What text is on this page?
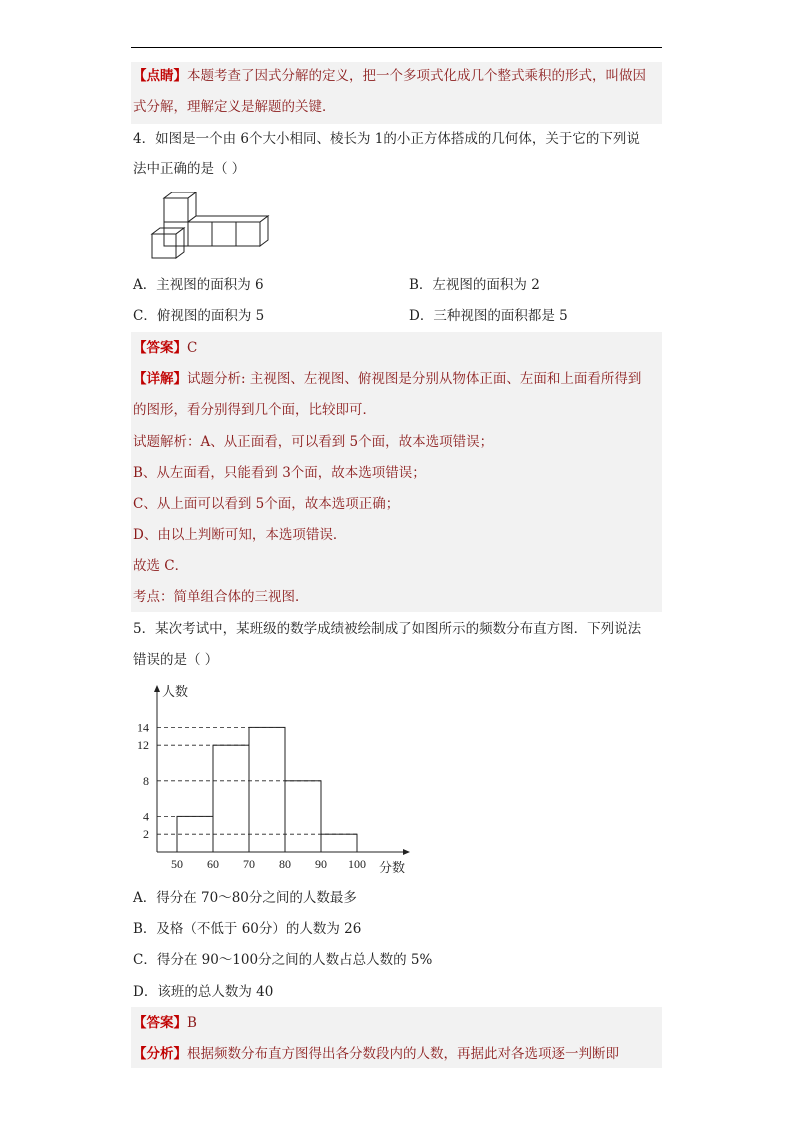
【点睛】本题考查了因式分解的定义，把一个多项式化成几个整式乘积的形式，叫做因
式分解，理解定义是解题的关键．
4．如图是一个由 6个大小相同、棱长为 1的小正方体搭成的几何体，关于它的下列说
法中正确的是（ ）
A．主视图的面积为 6	B．左视图的面积为 2
C．俯视图的面积为 5	D．三种视图的面积都是 5
【答案】C
【详解】试题分析: 主视图、左视图、俯视图是分别从物体正面、左面和上面看所得到
的图形，看分别得到几个面，比较即可．
试题解析：A、从正面看，可以看到 5个面，故本选项错误；
B、从左面看，只能看到 3个面，故本选项错误；
C、从上面可以看到 5个面，故本选项正确；
D、由以上判断可知，本选项错误．
故选 C．
考点：简单组合体的三视图．
5．某次考试中，某班级的数学成绩被绘制成了如图所示的频数分布直方图．下列说法
错误的是（ ）
2
4
8
12
14
50 60 70 80 90 100
人数
分数
A．得分在 70～80分之间的人数最多
B．及格（不低于 60分）的人数为 26
C．得分在 90～100分之间的人数占总人数的 5%
D．该班的总人数为 40
【答案】B
【分析】根据频数分布直方图得出各分数段内的人数，再据此对各选项逐一判断即
